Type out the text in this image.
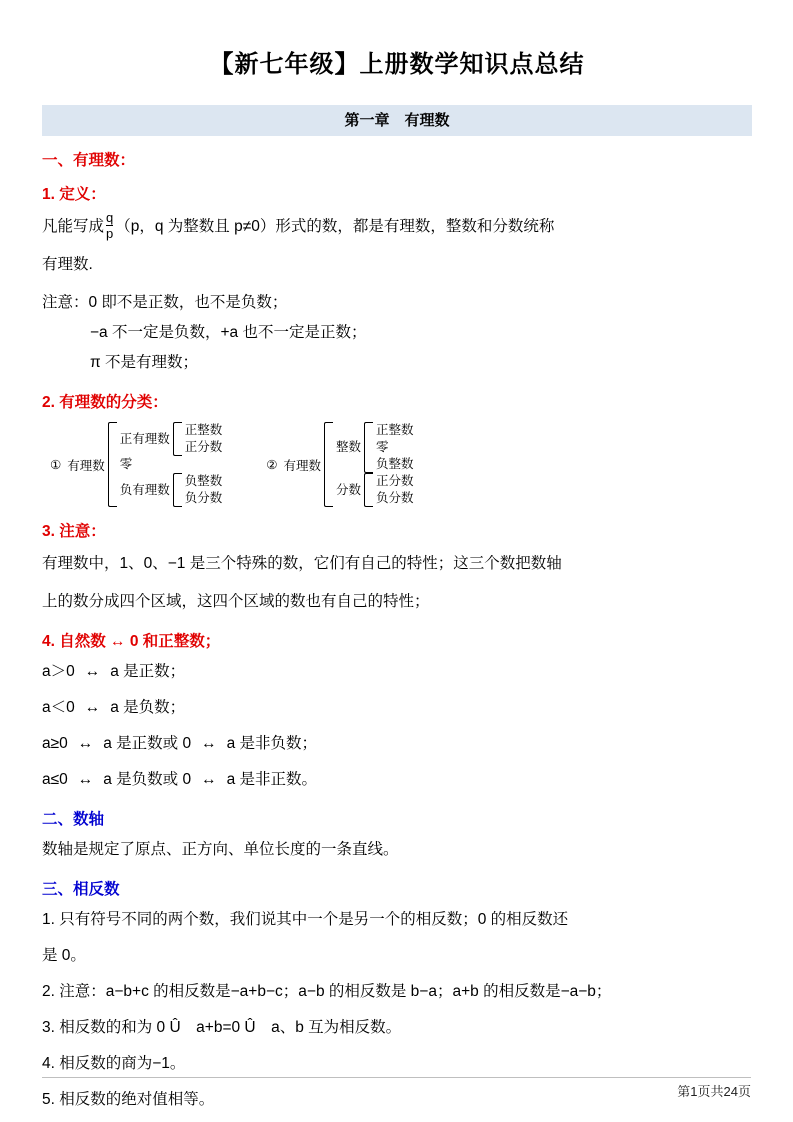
【新七年级】上册数学知识点总结
第一章　有理数
一、有理数：
1. 定义：
凡能写成 $\frac{q}{p} (p$，q 为整数且 p≠0）形式的数，都是有理数，整数和分数统称
有理数.
注意：0 即不是正数，也不是负数；
−a 不一定是负数，+a 也不一定是正数；
π 不是有理数；
2. 有理数的分类：
① 有理数
正有理数
正整数
正分数
零
负有理数
负整数
负分数
② 有理数
整数
正整数
零
负整数
分数
正分数
负分数
3. 注意：
有理数中，1、0、−1 是三个特殊的数，它们有自己的特性；这三个数把数轴
上的数分成四个区域，这四个区域的数也有自己的特性；
4. 自然数 ↔ 0 和正整数；
a＞0 ↔ a 是正数；
a＜0 ↔ a 是负数；
a≥0 ↔ a 是正数或 0 ↔ a 是非负数；
a≤0 ↔ a 是负数或 0 ↔ a 是非正数。
二、数轴
数轴是规定了原点、正方向、单位长度的一条直线。
三、相反数
1. 只有符号不同的两个数，我们说其中一个是另一个的相反数；0 的相反数还
是 0。
2. 注意：a−b+c 的相反数是−a+b−c；a−b 的相反数是 b−a；a+b 的相反数是−a−b；
3. 相反数的和为 0 Û　a+b=0 Û　a、b 互为相反数。
4. 相反数的商为−1。
5. 相反数的绝对值相等。	第1页共24页
